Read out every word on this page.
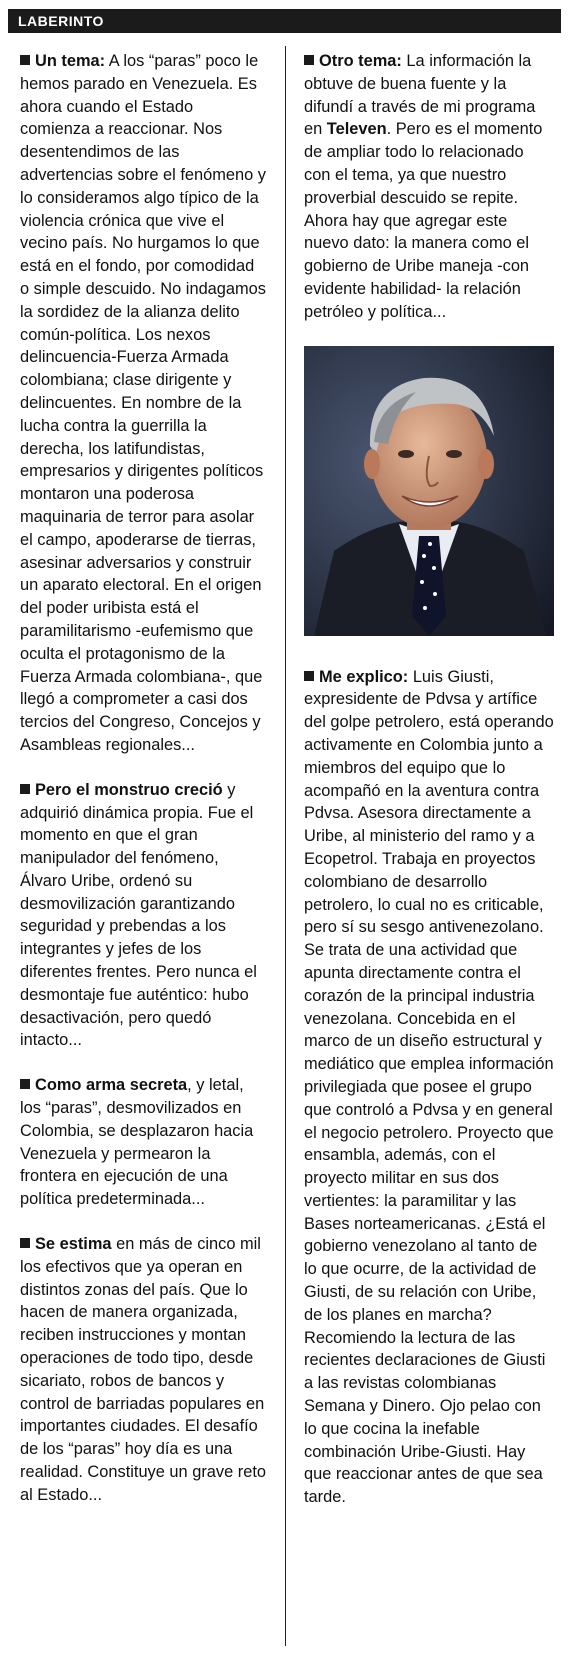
LABERINTO

Un tema: A los “paras” poco le hemos parado en Venezuela. Es ahora cuando el Estado comienza a reaccionar. Nos desentendimos de las advertencias sobre el fenómeno y lo consideramos algo típico de la violencia crónica que vive el vecino país. No hurgamos lo que está en el fondo, por comodidad o simple descuido. No indagamos la sordidez de la alianza delito común-política. Los nexos delincuencia-Fuerza Armada colombiana; clase dirigente y delincuentes. En nombre de la lucha contra la guerrilla la derecha, los latifundistas, empresarios y dirigentes políticos montaron una poderosa maquinaria de terror para asolar el campo, apoderarse de tierras, asesinar adversarios y construir un aparato electoral. En el origen del poder uribista está el paramilitarismo -eufemismo que oculta el protagonismo de la Fuerza Armada colombiana-, que llegó a comprometer a casi dos tercios del Congreso, Concejos y Asambleas regionales...

Pero el monstruo creció y adquirió dinámica propia. Fue el momento en que el gran manipulador del fenómeno, Álvaro Uribe, ordenó su desmovilización garantizando seguridad y prebendas a los integrantes y jefes de los diferentes frentes. Pero nunca el desmontaje fue auténtico: hubo desactivación, pero quedó intacto...

Como arma secreta, y letal, los “paras”, desmovilizados en Colombia, se desplazaron hacia Venezuela y permearon la frontera en ejecución de una política predeterminada...

Se estima en más de cinco mil los efectivos que ya operan en distintos zonas del país. Que lo hacen de manera organizada, reciben instrucciones y montan operaciones de todo tipo, desde sicariato, robos de bancos y control de barriadas populares en importantes ciudades. El desafío de los “paras” hoy día es una realidad. Constituye un grave reto al Estado...

Otro tema: La información la obtuve de buena fuente y la difundí a través de mi programa en Televen. Pero es el momento de ampliar todo lo relacionado con el tema, ya que nuestro proverbial descuido se repite. Ahora hay que agregar este nuevo dato: la manera como el gobierno de Uribe maneja -con evidente habilidad- la relación petróleo y política...

Me explico: Luis Giusti, expresidente de Pdvsa y artífice del golpe petrolero, está operando activamente en Colombia junto a miembros del equipo que lo acompañó en la aventura contra Pdvsa. Asesora directamente a Uribe, al ministerio del ramo y a Ecopetrol. Trabaja en proyectos colombiano de desarrollo petrolero, lo cual no es criticable, pero sí su sesgo antivenezolano. Se trata de una actividad que apunta directamente contra el corazón de la principal industria venezolana. Concebida en el marco de un diseño estructural y mediático que emplea información privilegiada que posee el grupo que controló a Pdvsa y en general el negocio petrolero. Proyecto que ensambla, además, con el proyecto militar en sus dos vertientes: la paramilitar y las Bases norteamericanas. ¿Está el gobierno venezolano al tanto de lo que ocurre, de la actividad de Giusti, de su relación con Uribe, de los planes en marcha? Recomiendo la lectura de las recientes declaraciones de Giusti a las revistas colombianas Semana y Dinero. Ojo pelao con lo que cocina la inefable combinación Uribe-Giusti. Hay que reaccionar antes de que sea tarde.
